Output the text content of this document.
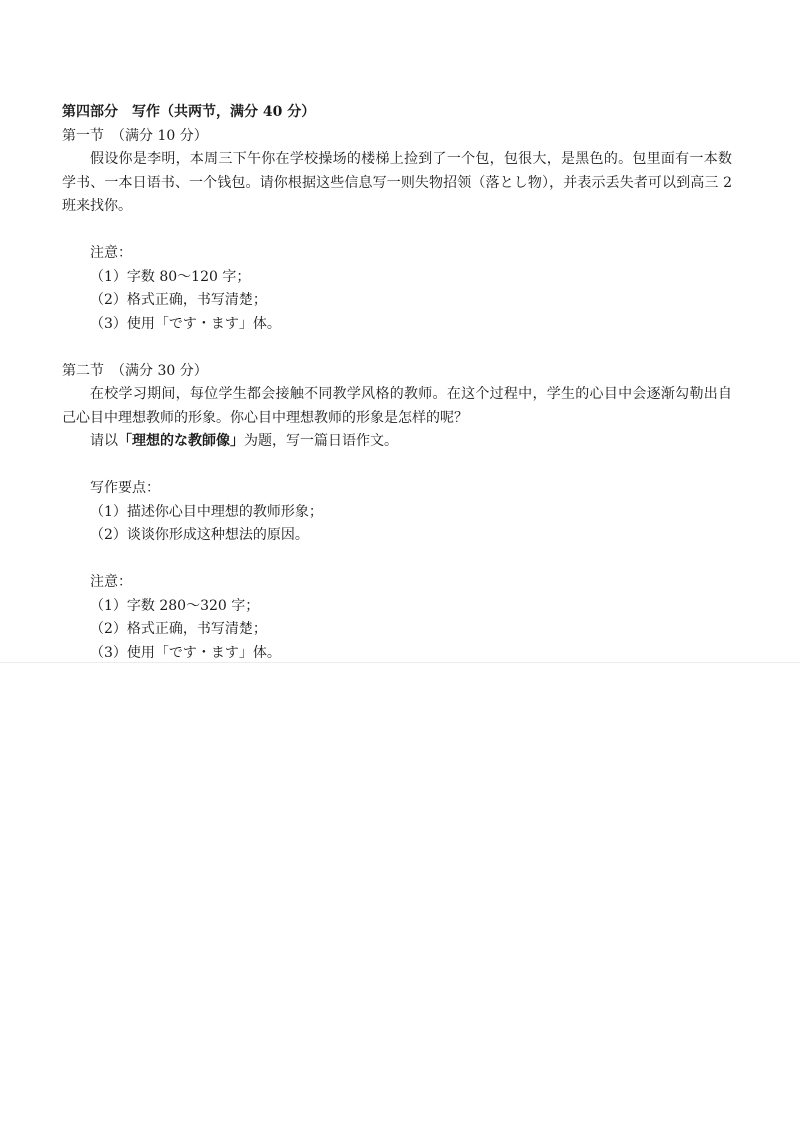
第四部分　写作（共两节，满分 40 分）
第一节　（满分 10 分）
假设你是李明，本周三下午你在学校操场的楼梯上捡到了一个包，包很大，是黑色的。包里面有一本数学书、一本日语书、一个钱包。请你根据这些信息写一则失物招领（落とし物），并表示丢失者可以到高三 2 班来找你。
注意：
（1）字数 80～120 字；
（2）格式正确，书写清楚；
（3）使用「です・ます」体。
第二节　（满分 30 分）
在校学习期间，每位学生都会接触不同教学风格的教师。在这个过程中，学生的心目中会逐渐勾勒出自己心目中理想教师的形象。你心目中理想教师的形象是怎样的呢？
请以「理想的な教師像」为题，写一篇日语作文。
写作要点：
（1）描述你心目中理想的教师形象；
（2）谈谈你形成这种想法的原因。
注意：
（1）字数 280～320 字；
（2）格式正确，书写清楚；
（3）使用「です・ます」体。
